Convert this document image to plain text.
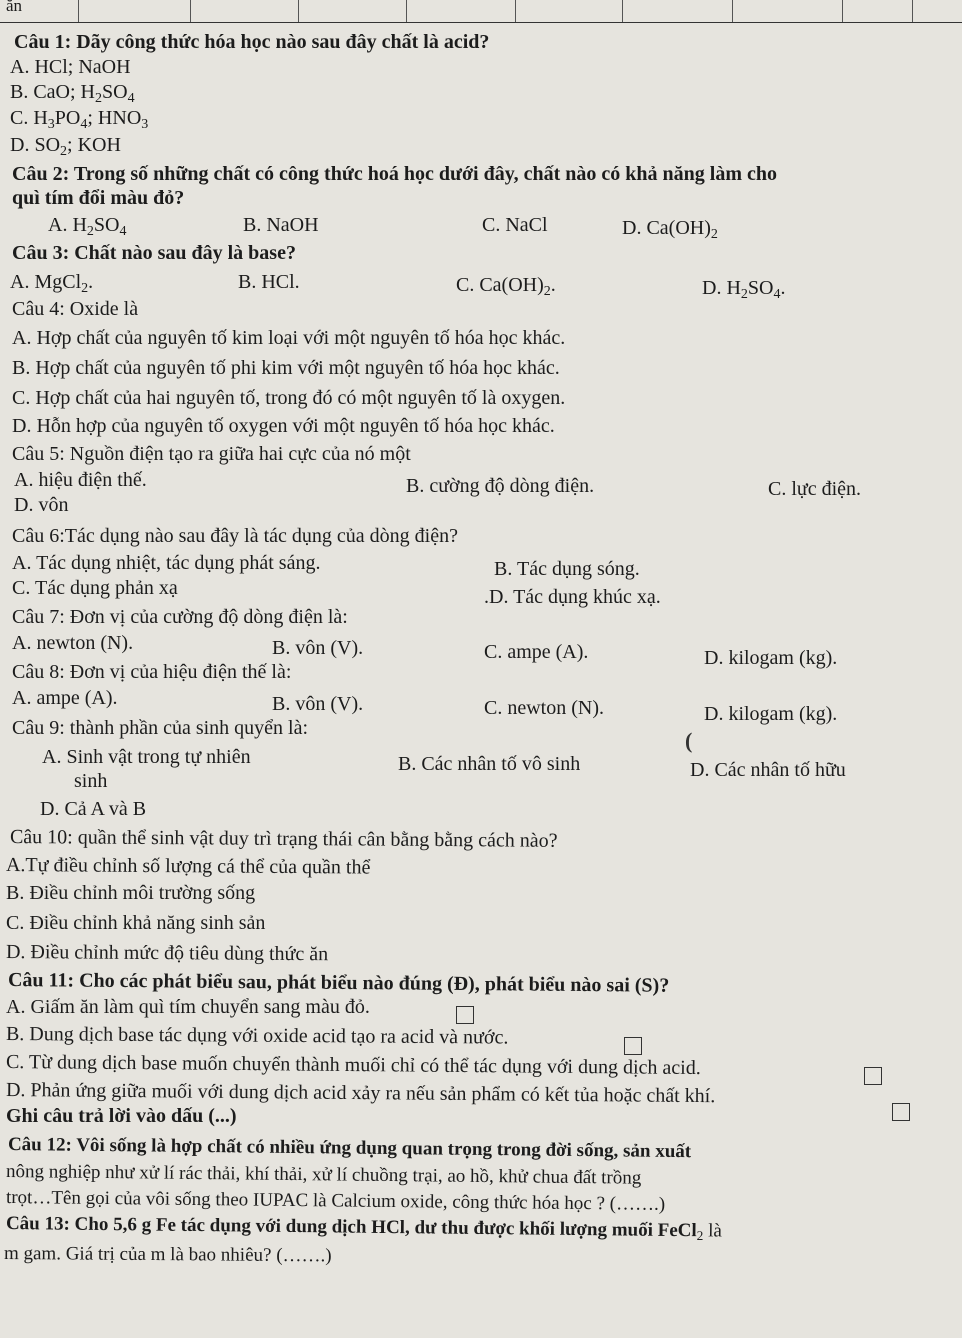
ăn
Câu 1: Dãy công thức hóa học nào sau đây chất là acid?
A. HCl; NaOH
B. CaO; $H_2SO_4$
C. $H_3PO_4$; $HNO_3$
D. $SO_2$; KOH
Câu 2: Trong số những chất có công thức hoá học dưới đây, chất nào có khả năng làm cho
quì tím đổi màu đỏ?
A. $H_2SO_4$	B. NaOH	C. NaCl	D. $Ca(OH)_2$
Câu 3: Chất nào sau đây là base?
A. MgCl$_2$.	B. HCl.	C. $Ca(OH)_2$.	D. $H_2SO_4$.
Câu 4: Oxide là
A. Hợp chất của nguyên tố kim loại với một nguyên tố hóa học khác.
B. Hợp chất của nguyên tố phi kim với một nguyên tố hóa học khác.
C. Hợp chất của hai nguyên tố, trong đó có một nguyên tố là oxygen.
D. Hỗn hợp của nguyên tố oxygen với một nguyên tố hóa học khác.
Câu 5: Nguồn điện tạo ra giữa hai cực của nó một
A. hiệu điện thế.	B. cường độ dòng điện.	C. lực điện.
D. vôn
Câu 6:Tác dụng nào sau đây là tác dụng của dòng điện?
A. Tác dụng nhiệt, tác dụng phát sáng.	B. Tác dụng sóng.
C. Tác dụng phản xạ	.D. Tác dụng khúc xạ.
Câu 7: Đơn vị của cường độ dòng điện là:
A. newton (N).	B. vôn (V).	C. ampe (A).	D. kilogam (kg).
Câu 8: Đơn vị của hiệu điện thế là:
A. ampe (A).	B. vôn (V).	C. newton (N).	D. kilogam (kg).
Câu 9: thành phần của sinh quyển là:
A. Sinh vật trong tự nhiên	B. Các nhân tố vô sinh
(
D. Các nhân tố hữu
sinh
D. Cả A và B
Câu 10: quần thể sinh vật duy trì trạng thái cân bằng bằng cách nào?
A.Tự điều chỉnh số lượng cá thể của quần thể
B. Điều chỉnh môi trường sống
C. Điều chỉnh khả năng sinh sản
D. Điều chỉnh mức độ tiêu dùng thức ăn
Câu 11: Cho các phát biểu sau, phát biểu nào đúng (Đ), phát biểu nào sai (S)?
A. Giấm ăn làm quì tím chuyển sang màu đỏ.
B. Dung dịch base tác dụng với oxide acid tạo ra acid và nước.
C. Từ dung dịch base muốn chuyển thành muối chỉ có thể tác dụng với dung dịch acid.
D. Phản ứng giữa muối với dung dịch acid xảy ra nếu sản phẩm có kết tủa hoặc chất khí.
Ghi câu trả lời vào dấu (...)
Câu 12: Vôi sống là hợp chất có nhiều ứng dụng quan trọng trong đời sống, sản xuất
nông nghiệp như xử lí rác thải, khí thải, xử lí chuồng trại, ao hồ, khử chua đất trồng
trọt…Tên gọi của vôi sống theo IUPAC là Calcium oxide, công thức hóa học ? (…….)
Câu 13: Cho 5,6 g Fe tác dụng với dung dịch HCl, dư thu được khối lượng muối FeCl$_2$ là
m gam. Giá trị của m là bao nhiêu? (…….)
